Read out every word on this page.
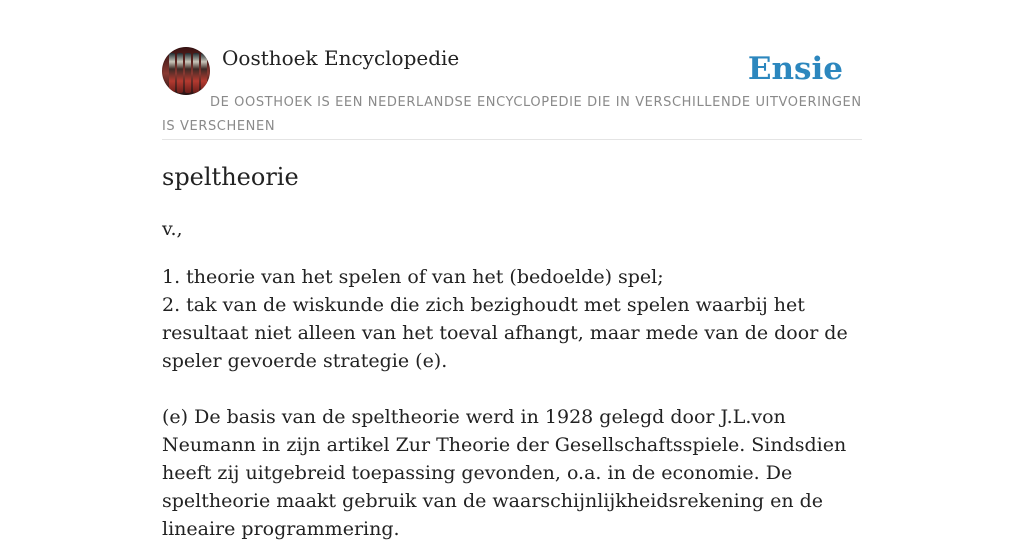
Oosthoek Encyclopedie	Ensie
DE OOSTHOEK IS EEN NEDERLANDSE ENCYCLOPEDIE DIE IN VERSCHILLENDE UITVOERINGEN IS VERSCHENEN
speltheorie
v.,

1. theorie van het spelen of van het (bedoelde) spel;

2. tak van de wiskunde die zich bezighoudt met spelen waarbij het resultaat niet alleen van het toeval afhangt, maar mede van de door de speler gevoerde strategie (e).

(e) De basis van de speltheorie werd in 1928 gelegd door J.L.von Neumann in zijn artikel Zur Theorie der Gesellschaftsspiele. Sindsdien heeft zij uitgebreid toepassing gevonden, o.a. in de economie. De speltheorie maakt gebruik van de waarschijnlijkheidsrekening en de lineaire programmering.
